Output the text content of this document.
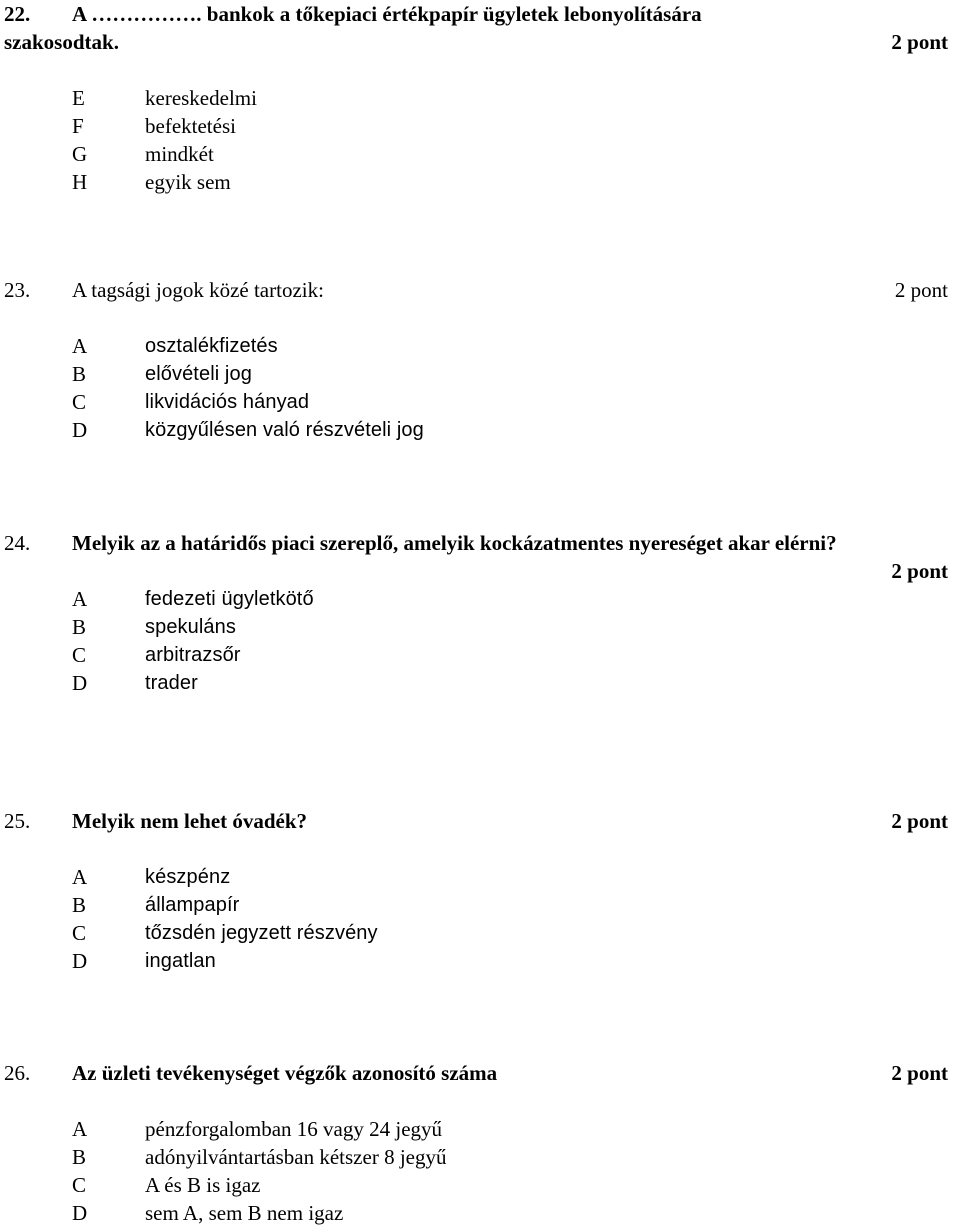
22. A ……………. bankok a tőkepiaci értékpapír ügyletek lebonyolítására
szakosodtak.	2 pont
E	kereskedelmi
F	befektetési
G	mindkét
H	egyik sem
23. A tagsági jogok közé tartozik:	2 pont
A	osztalékfizetés
B	elővételi jog
C	likvidációs hányad
D	közgyűlésen való részvételi jog
24. Melyik az a határidős piaci szereplő, amelyik kockázatmentes nyereséget akar elérni?
2 pont
A	fedezeti ügyletkötő
B	spekuláns
C	arbitrazsőr
D	trader
25. Melyik nem lehet óvadék?	2 pont
A	készpénz
B	állampapír
C	tőzsdén jegyzett részvény
D	ingatlan
26. Az üzleti tevékenységet végzők azonosító száma	2 pont
A	pénzforgalomban 16 vagy 24 jegyű
B	adónyilvántartásban kétszer 8 jegyű
C	A és B is igaz
D	sem A, sem B nem igaz
